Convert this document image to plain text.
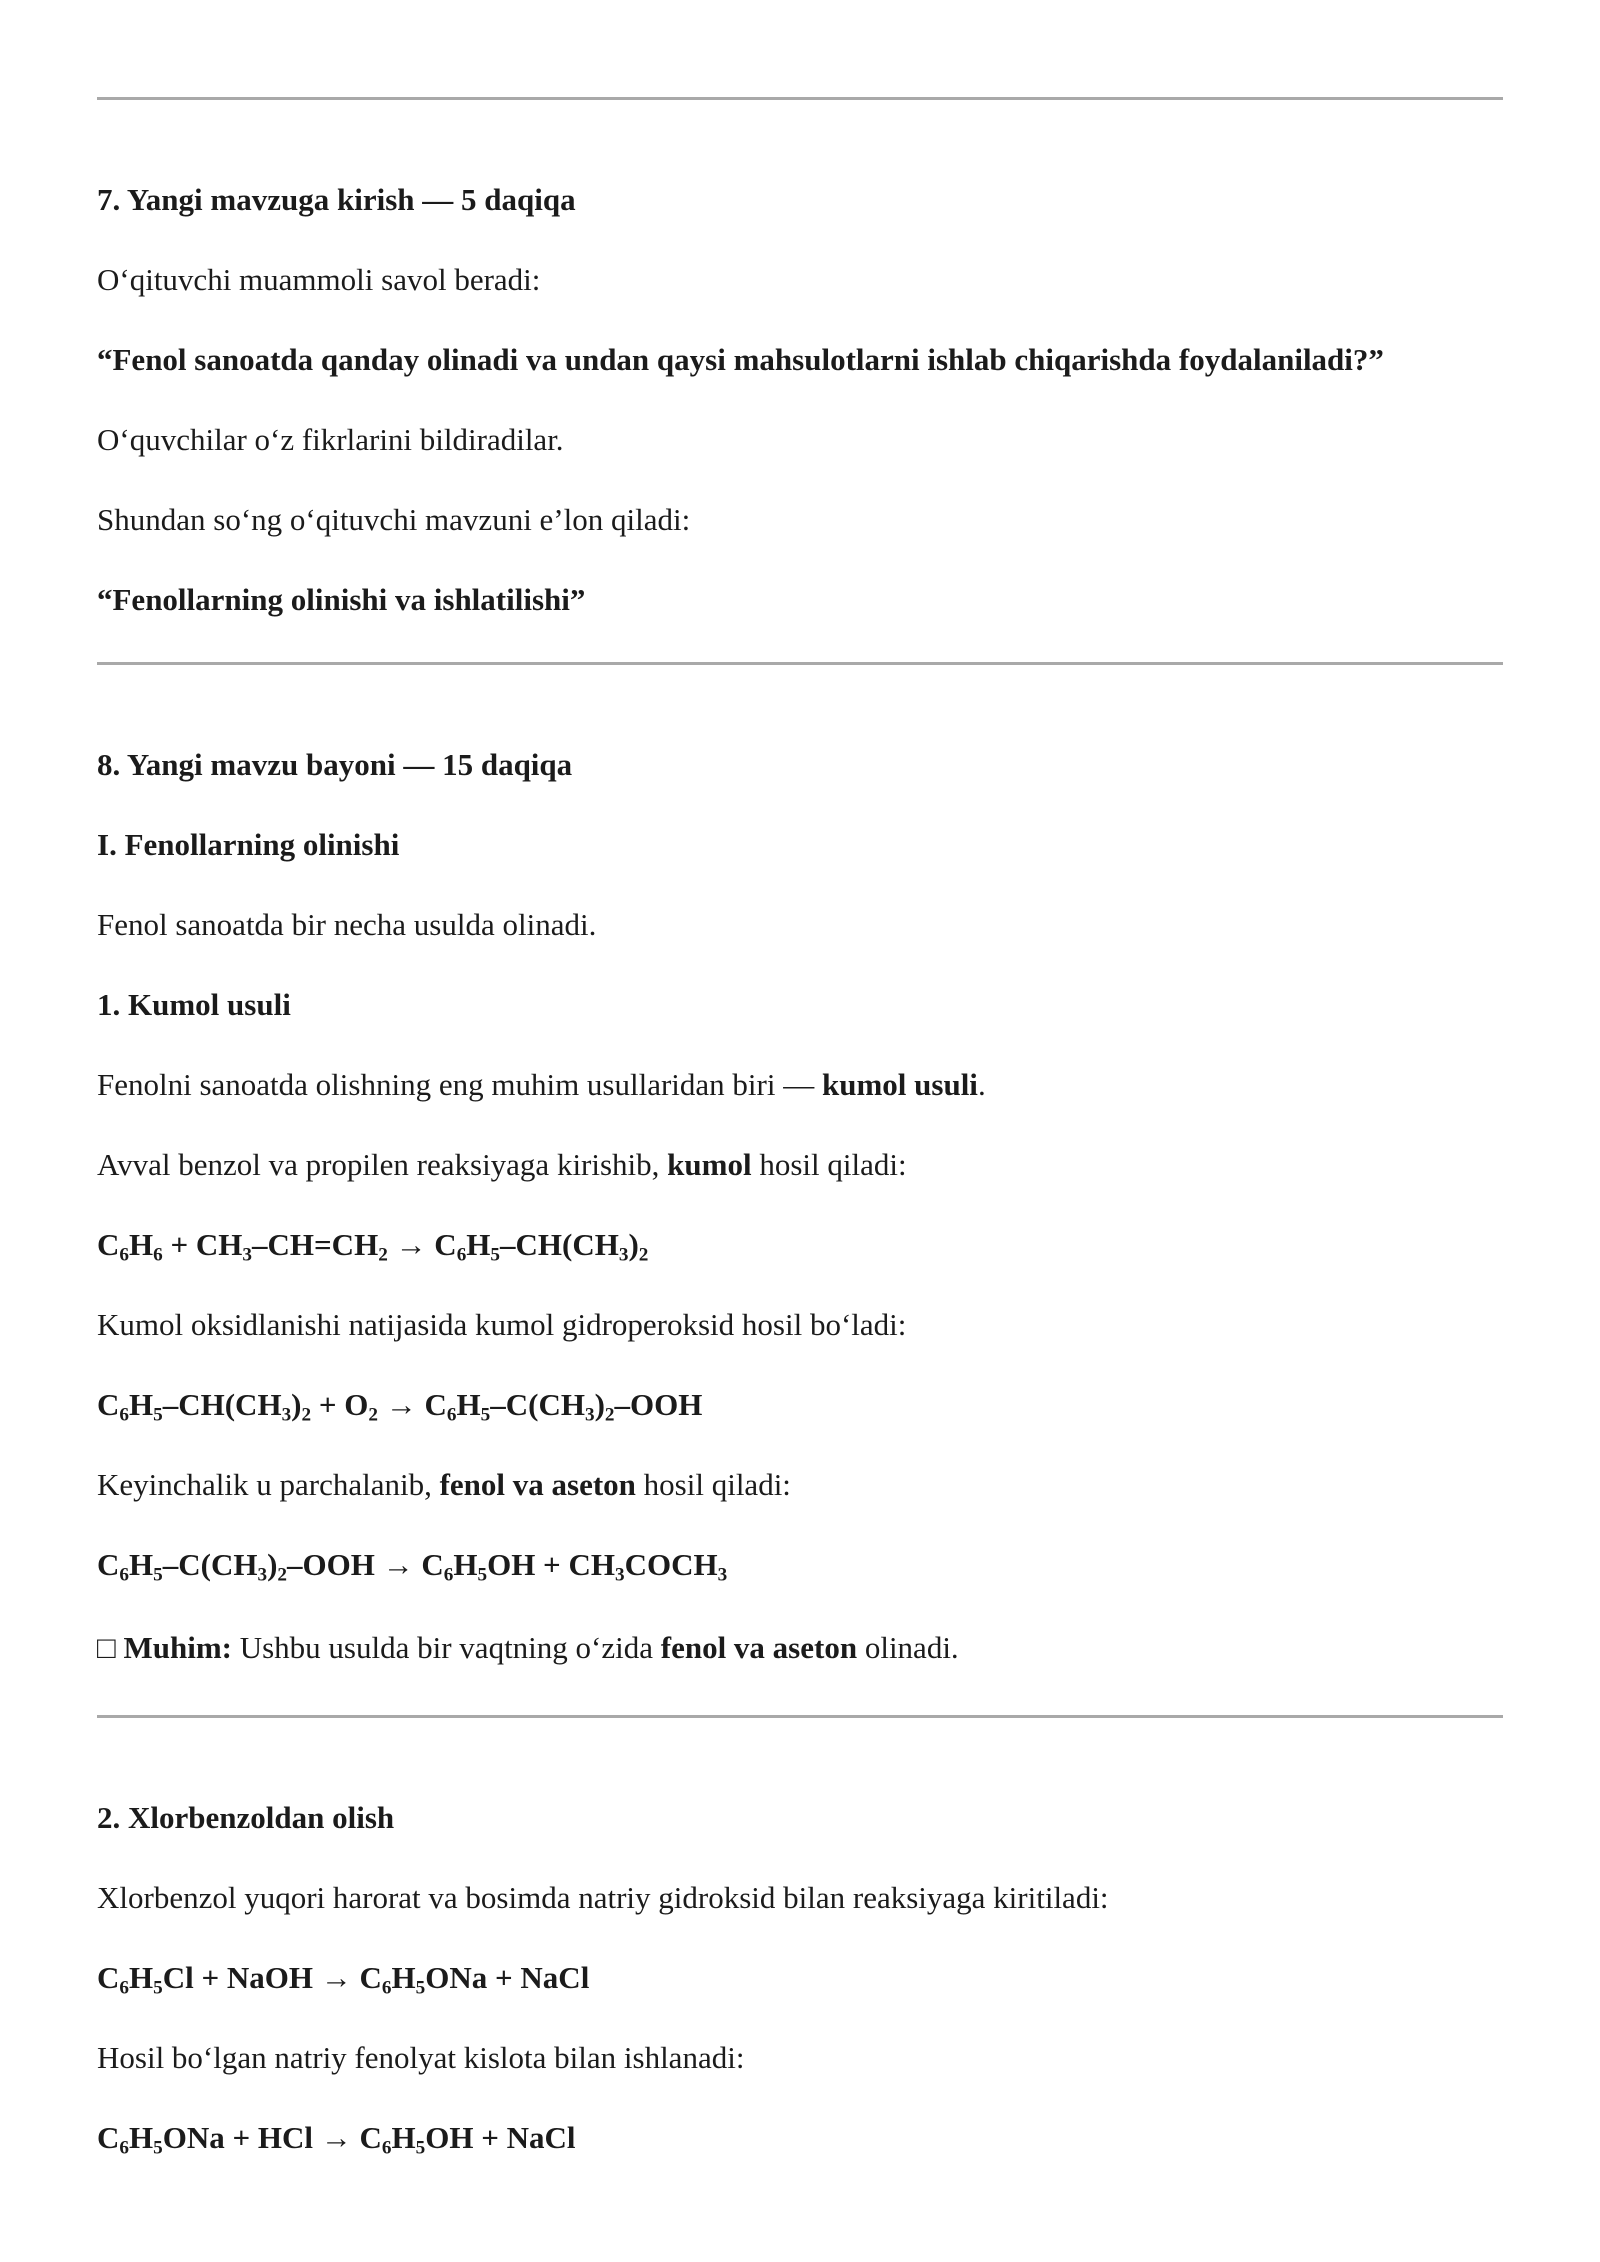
7. Yangi mavzuga kirish — 5 daqiqa

O‘qituvchi muammoli savol beradi:

“Fenol sanoatda qanday olinadi va undan qaysi mahsulotlarni ishlab chiqarishda foydalaniladi?”

O‘quvchilar o‘z fikrlarini bildiradilar.

Shundan so‘ng o‘qituvchi mavzuni e’lon qiladi:

“Fenollarning olinishi va ishlatilishi”

8. Yangi mavzu bayoni — 15 daqiqa

I. Fenollarning olinishi

Fenol sanoatda bir necha usulda olinadi.

1. Kumol usuli

Fenolni sanoatda olishning eng muhim usullaridan biri — kumol usuli.

Avval benzol va propilen reaksiyaga kirishib, kumol hosil qiladi:

$C_6H_6 + CH_3-CH=CH_2 \to C_6H_5-CH(CH_3)_2$

Kumol oksidlanishi natijasida kumol gidroperoksid hosil bo‘ladi:

$C_6H_5-CH(CH_3)_2 + O_2 \to C_6H_5-C(CH_3)_2-OOH$

Keyinchalik u parchalanib, fenol va aseton hosil qiladi:

$C_6H_5-C(CH_3)_2$–OOH → $C_6H_5OH$ + $CH_3COCH_3$

□ Muhim: Ushbu usulda bir vaqtning o‘zida fenol va aseton olinadi.

2. Xlorbenzoldan olish

Xlorbenzol yuqori harorat va bosimda natriy gidroksid bilan reaksiyaga kiritiladi:

$C_6H_5Cl$ + NaOH → $C_6H_5ONa$ + NaCl

Hosil bo‘lgan natriy fenolyat kislota bilan ishlanadi:

$C_6H_5ONa$ + HCl → $C_6H_5OH$ + NaCl
